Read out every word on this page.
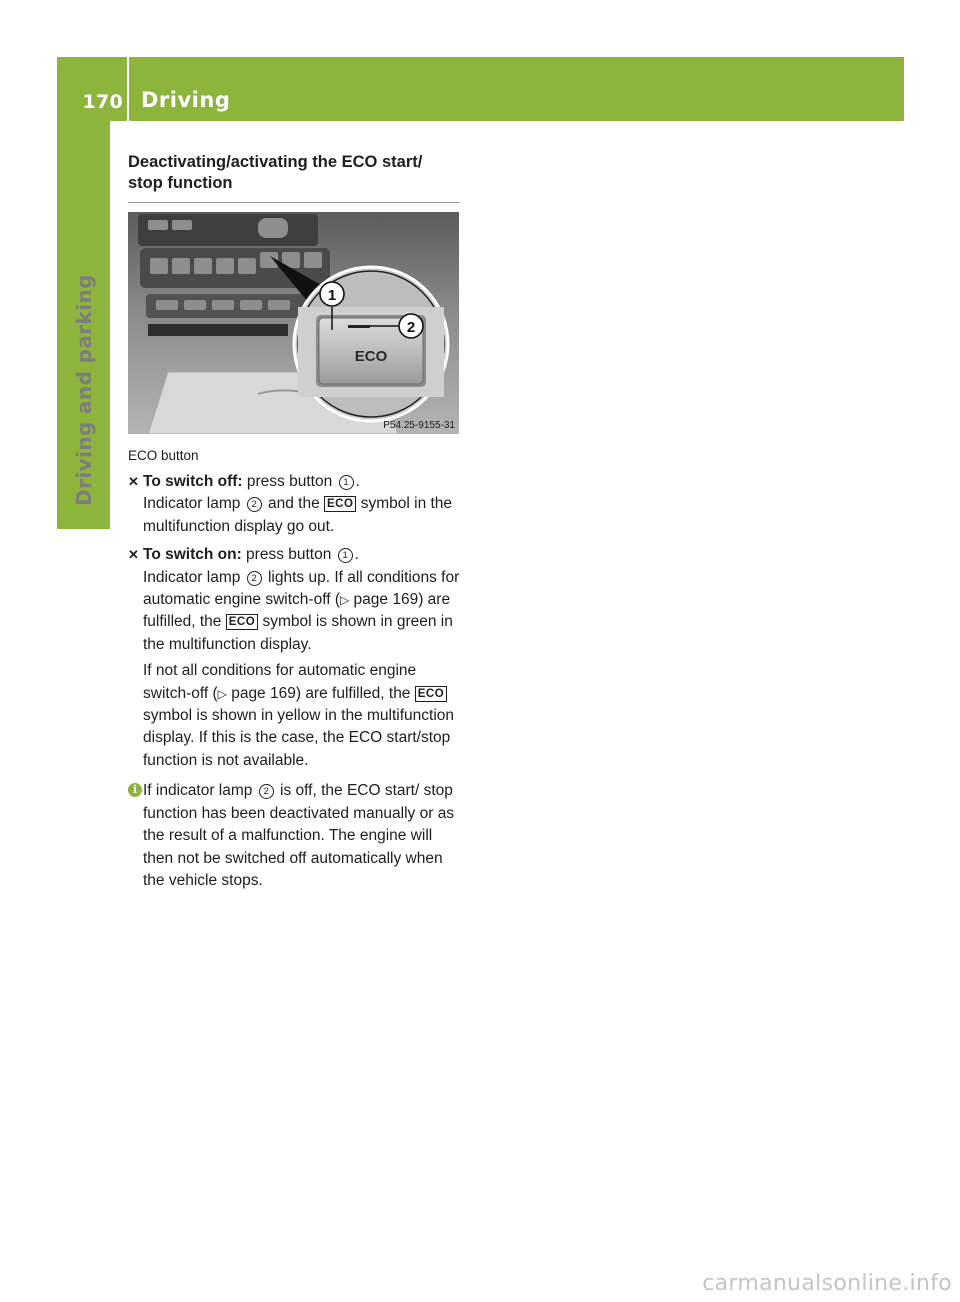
170 Driving
Driving and parking
Deactivating/activating the ECO start/ stop function
1
2
ECO
P54.25-9155-31
ECO button
✕ To switch off: press button 1 .
Indicator lamp 2 and the ECO symbol in the multifunction display go out.
✕ To switch on: press button 1 .
Indicator lamp 2 lights up. If all conditions for automatic engine switch-off (▷ page 169) are fulfilled, the ECO symbol is shown in green in the multifunction display.
If not all conditions for automatic engine switch-off (▷ page 169) are fulfilled, the ECO symbol is shown in yellow in the multifunction display. If this is the case, the ECO start/stop function is not available.
i If indicator lamp 2 is off, the ECO start/ stop function has been deactivated manually or as the result of a malfunction. The engine will then not be switched off automatically when the vehicle stops.
carmanualsonline.info
